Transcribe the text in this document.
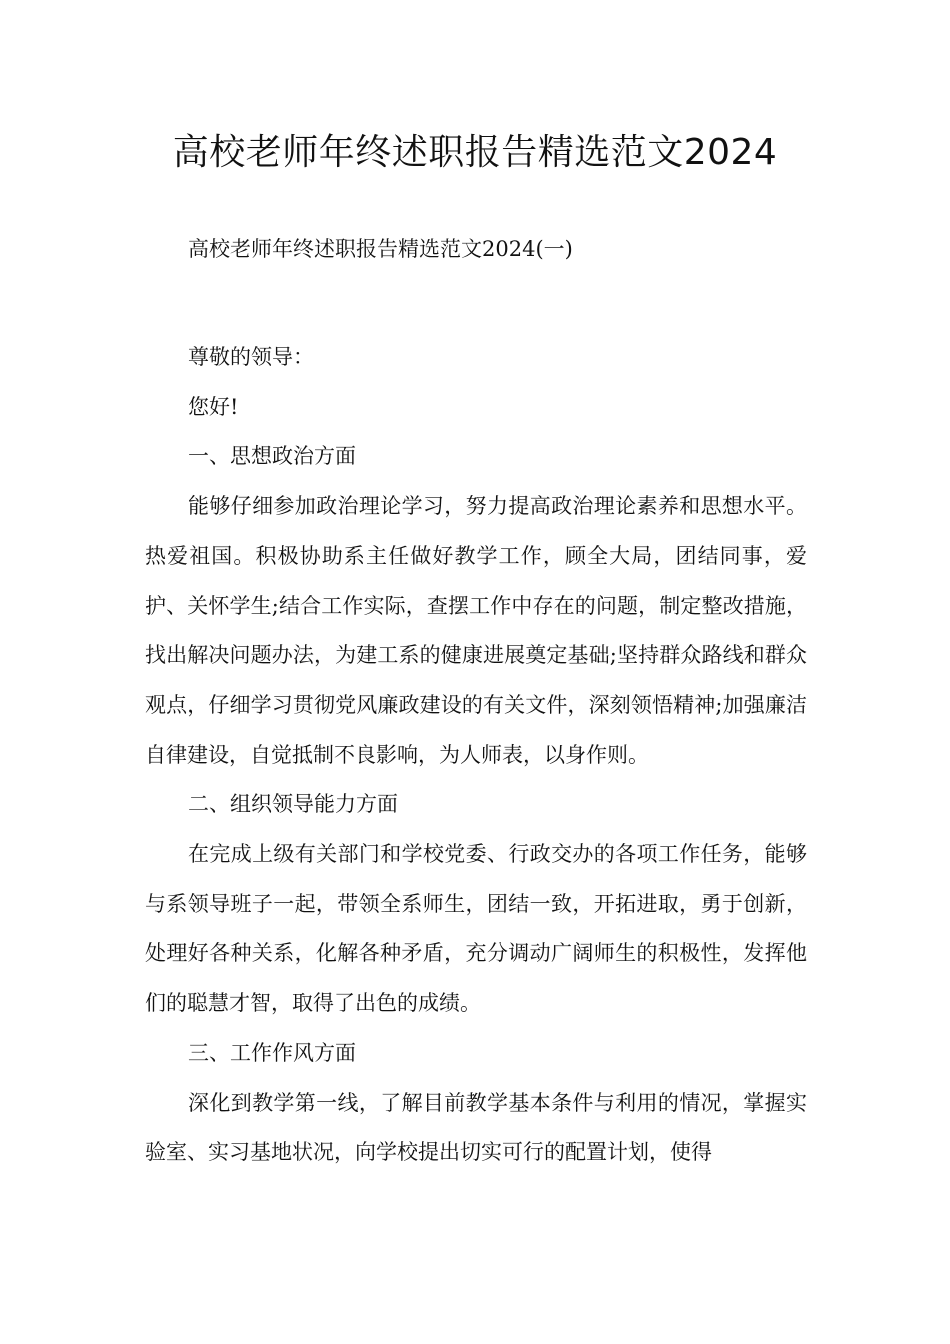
高校老师年终述职报告精选范文2024
高校老师年终述职报告精选范文2024(一)

尊敬的领导：

您好!

一、思想政治方面

能够仔细参加政治理论学习，努力提高政治理论素养和思想水平。热爱祖国。积极协助系主任做好教学工作，顾全大局，团结同事，爱护、关怀学生;结合工作实际，查摆工作中存在的问题，制定整改措施，找出解决问题办法，为建工系的健康进展奠定基础;坚持群众路线和群众观点，仔细学习贯彻党风廉政建设的有关文件，深刻领悟精神;加强廉洁自律建设，自觉抵制不良影响，为人师表，以身作则。

二、组织领导能力方面

在完成上级有关部门和学校党委、行政交办的各项工作任务，能够与系领导班子一起，带领全系师生，团结一致，开拓进取，勇于创新，处理好各种关系，化解各种矛盾，充分调动广阔师生的积极性，发挥他们的聪慧才智，取得了出色的成绩。

三、工作作风方面

深化到教学第一线，了解目前教学基本条件与利用的情况，掌握实验室、实习基地状况，向学校提出切实可行的配置计划，使得
